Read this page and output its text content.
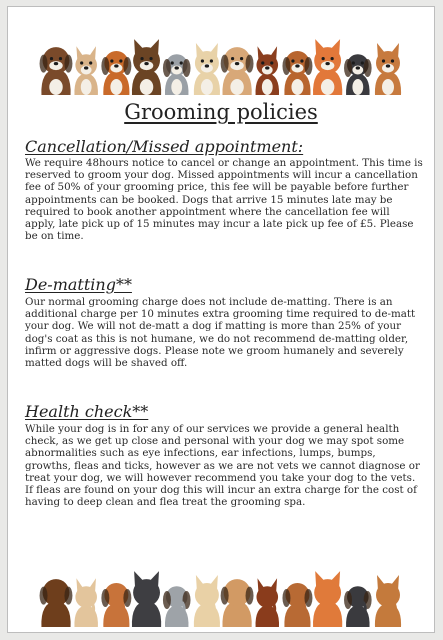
Grooming policies
Cancellation/Missed appointment:

We require 48hours notice to cancel or change an appointment. This time is reserved to groom your dog. Missed appointments will incur a cancellation fee of 50% of your grooming price, this fee will be payable before further appointments can be booked. Dogs that arrive 15 minutes late may be required to book another appointment where the cancellation fee will apply, late pick up of 15 minutes may incur a late pick up fee of £5. Please be on time.

De-matting**

Our normal grooming charge does not include de-matting. There is an additional charge per 10 minutes extra grooming time required to de-matt your dog. We will not de-matt a dog if matting is more than 25% of your dog's coat as this is not humane, we do not recommend de-matting older, infirm or aggressive dogs. Please note we groom humanely and severely matted dogs will be shaved off.

Health check**

While your dog is in for any of our services we provide a general health check, as we get up close and personal with your dog we may spot some abnormalities such as eye infections, ear infections, lumps, bumps, growths, fleas and ticks, however as we are not vets we cannot diagnose or treat your dog, we will however recommend you take your dog to the vets. If fleas are found on your dog this will incur an extra charge for the cost of having to deep clean and flea treat the grooming spa.
